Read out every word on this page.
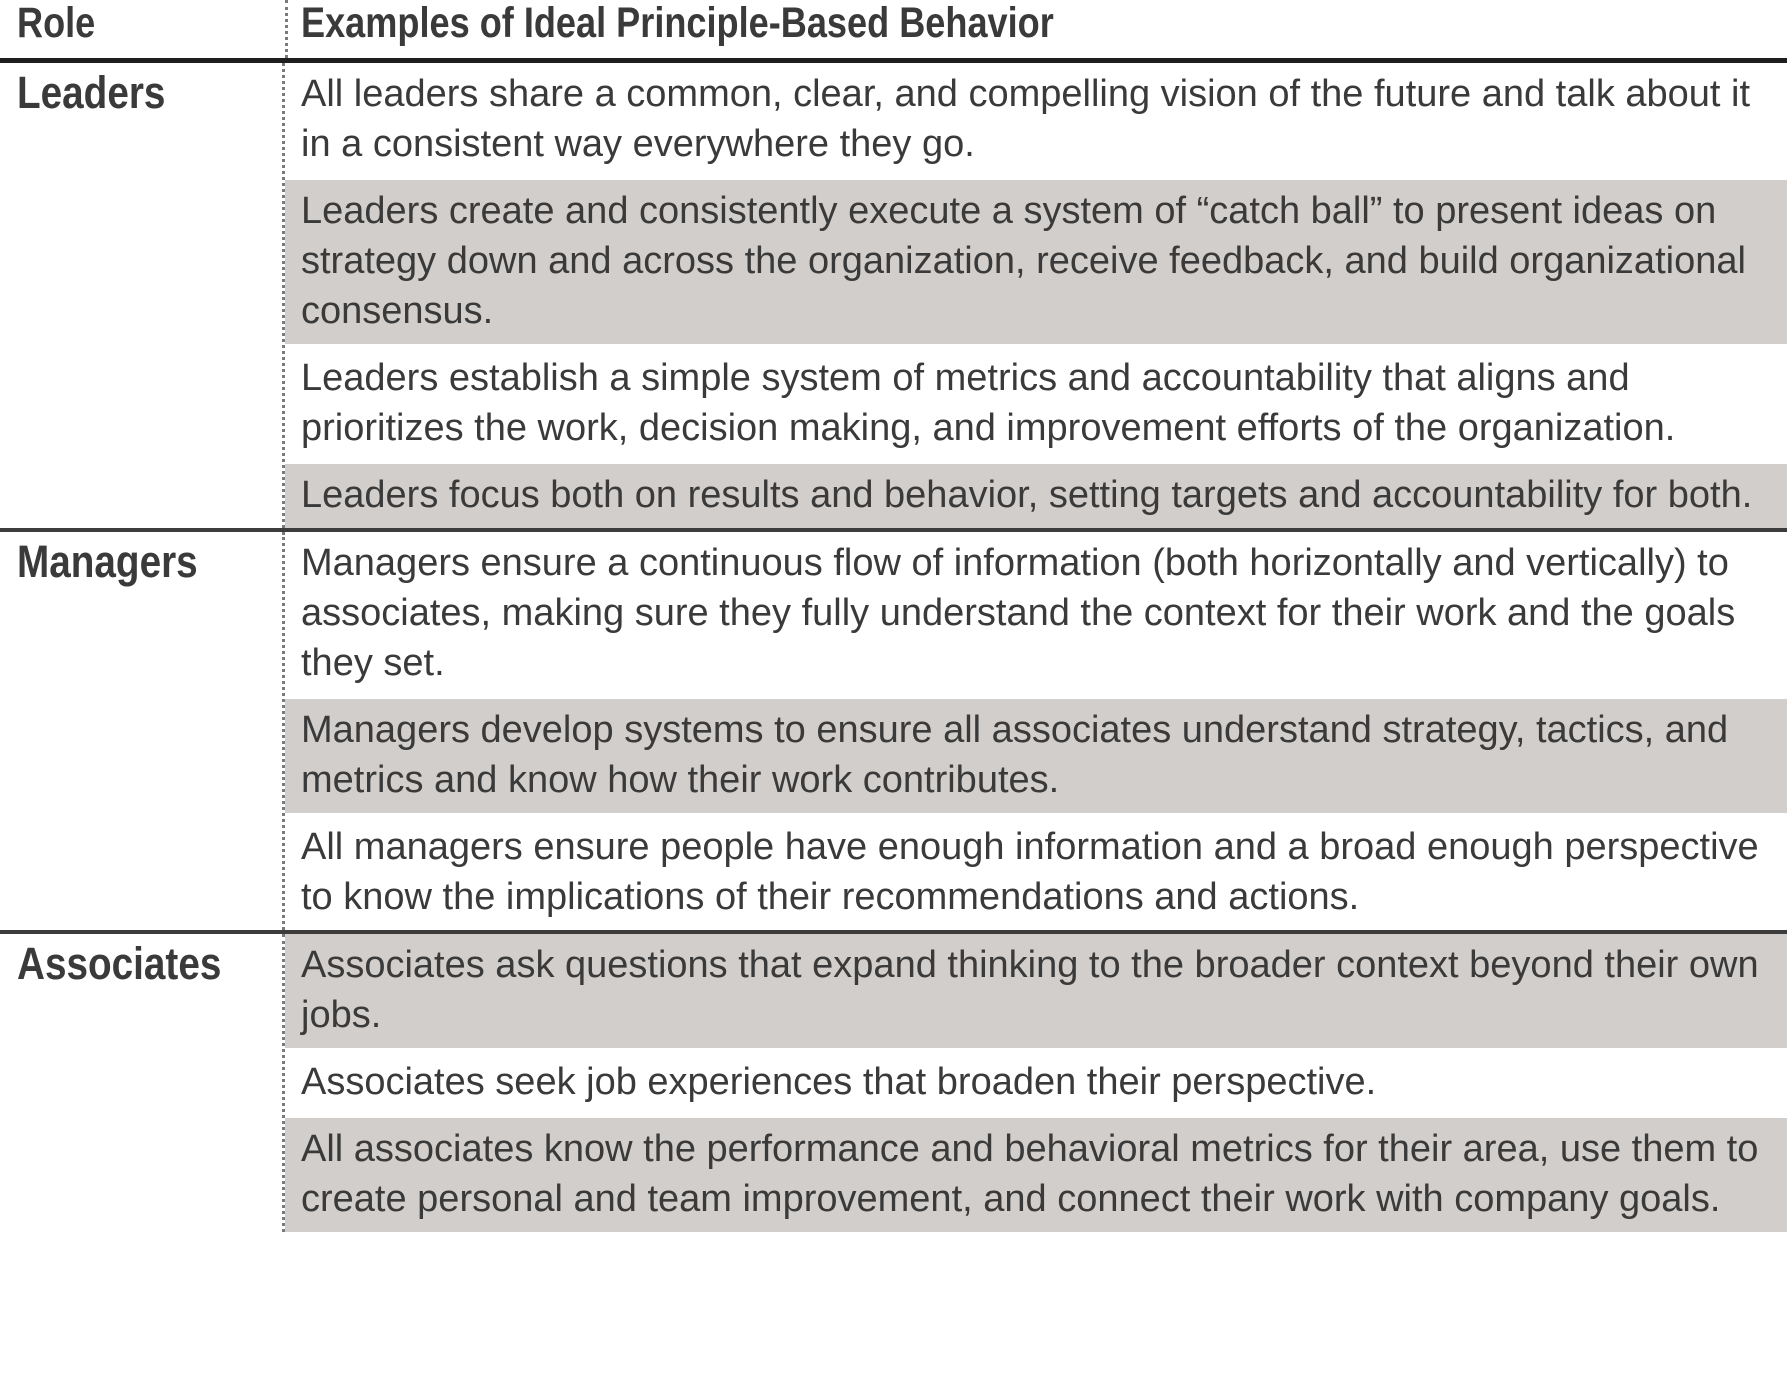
Role	Examples of Ideal Principle-Based Behavior
Leaders	All leaders share a common, clear, and compelling vision of the future and talk about it in a consistent way everywhere they go.
Leaders create and consistently execute a system of “catch ball” to present ideas on strategy down and across the organization, receive feedback, and build organizational consensus.
Leaders establish a simple system of metrics and accountability that aligns and prioritizes the work, decision making, and improvement efforts of the organization.
Leaders focus both on results and behavior, setting targets and accountability for both.
Managers	Managers ensure a continuous flow of information (both horizontally and vertically) to associates, making sure they fully understand the context for their work and the goals they set.
Managers develop systems to ensure all associates understand strategy, tactics, and metrics and know how their work contributes.
All managers ensure people have enough information and a broad enough perspective to know the implications of their recommendations and actions.
Associates	Associates ask questions that expand thinking to the broader context beyond their own jobs.
Associates seek job experiences that broaden their perspective.
All associates know the performance and behavioral metrics for their area, use them to create personal and team improvement, and connect their work with company goals.
